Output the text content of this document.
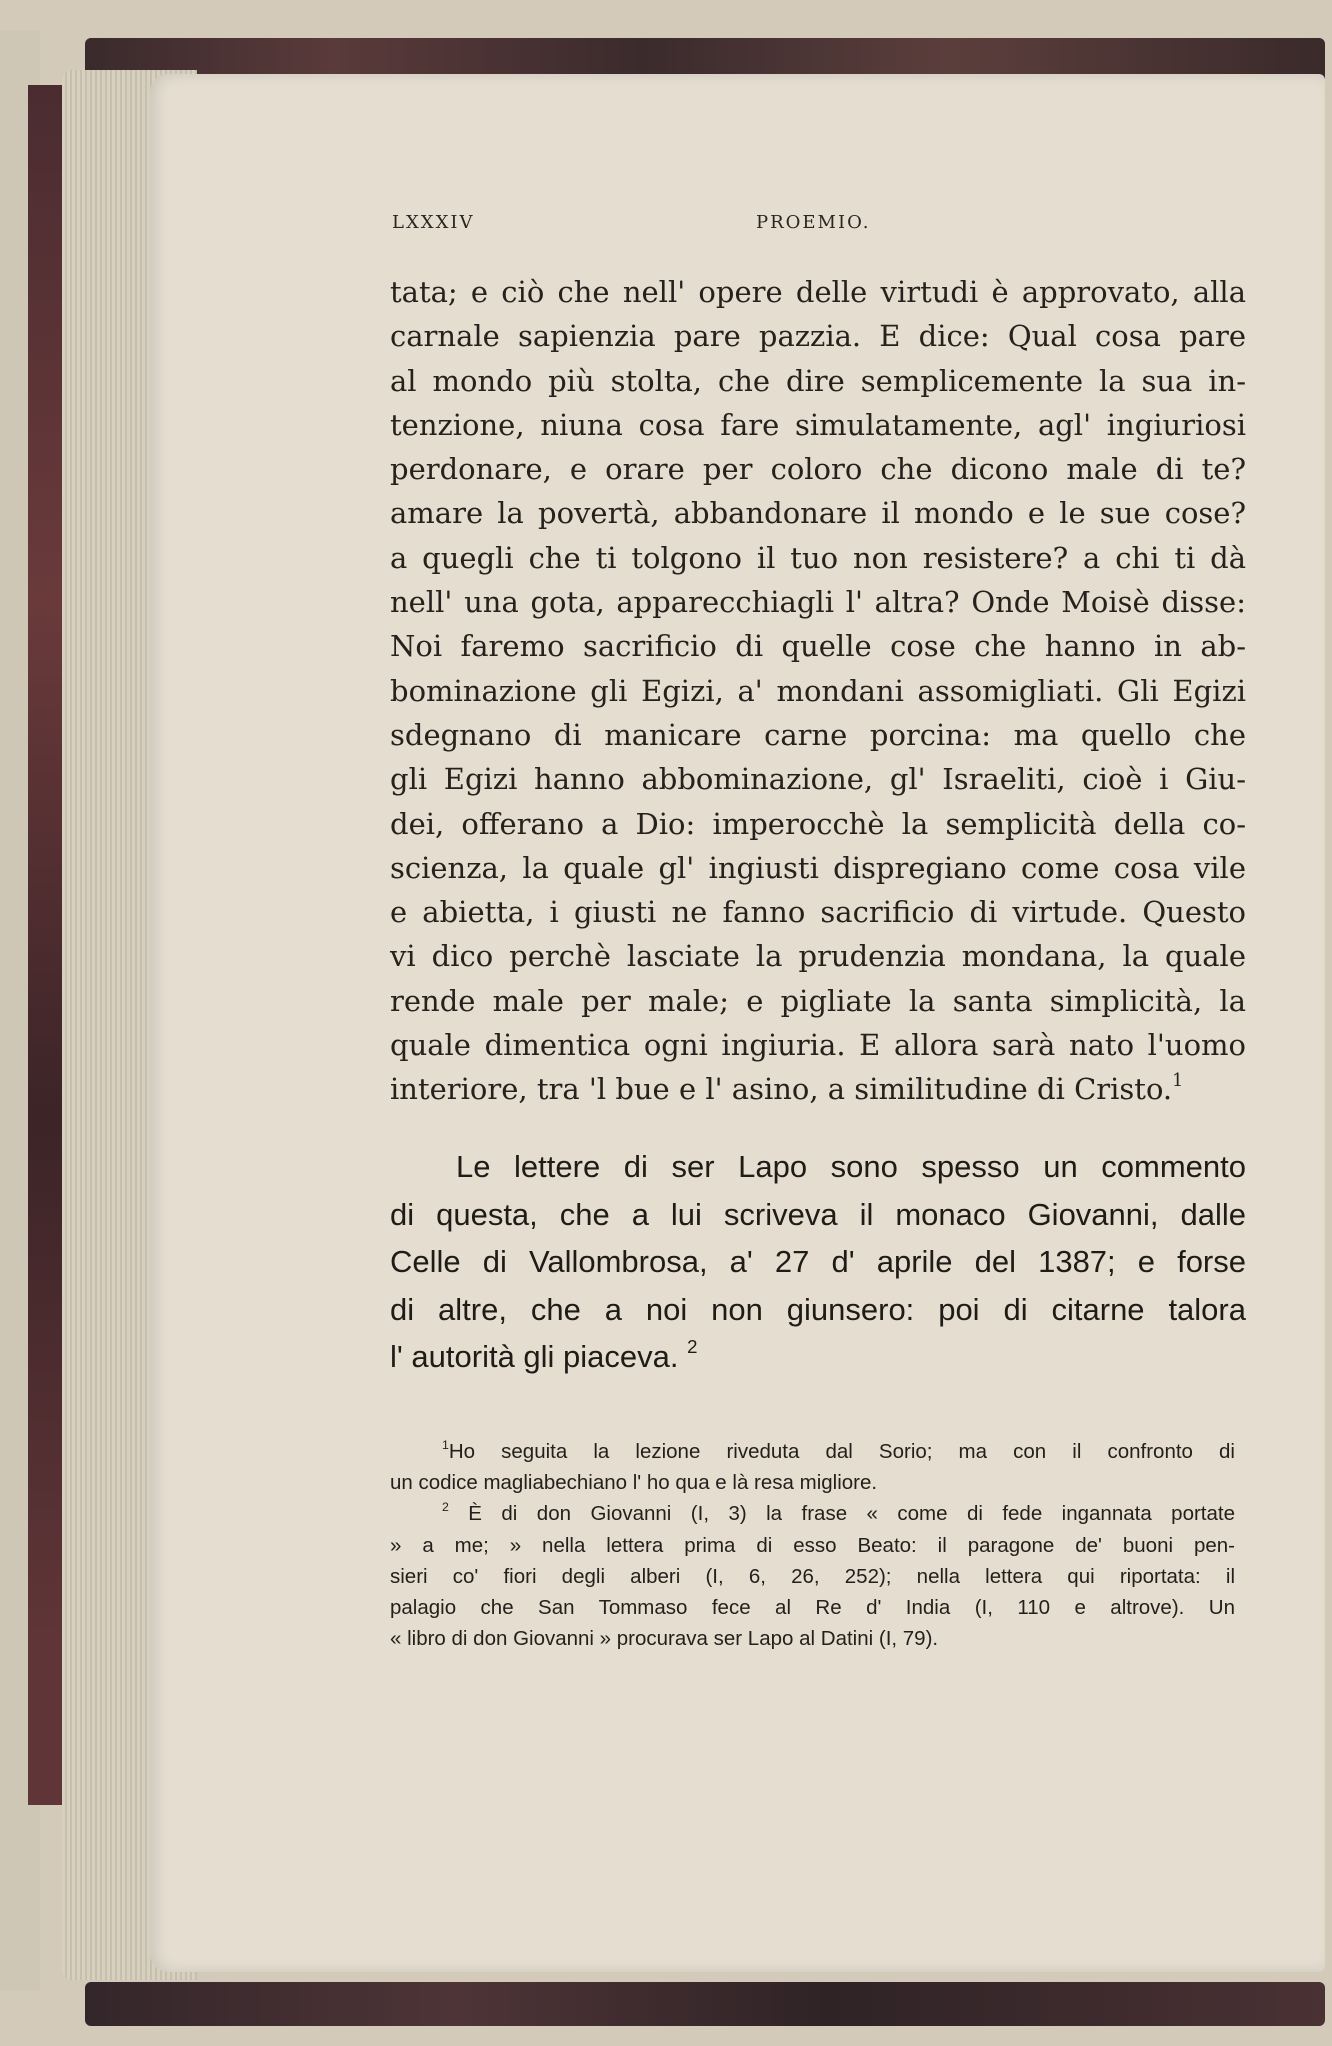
LXXXIV	PROEMIO.
tata; e ciò che nell' opere delle virtudi è approvato, alla
carnale sapienzia pare pazzia. E dice: Qual cosa pare
al mondo più stolta, che dire semplicemente la sua in-
tenzione, niuna cosa fare simulatamente, agl' ingiuriosi
perdonare, e orare per coloro che dicono male di te?
amare la povertà, abbandonare il mondo e le sue cose?
a quegli che ti tolgono il tuo non resistere? a chi ti dà
nell' una gota, apparecchiagli l' altra? Onde Moisè disse:
Noi faremo sacrificio di quelle cose che hanno in ab-
bominazione gli Egizi, a' mondani assomigliati. Gli Egizi
sdegnano di manicare carne porcina: ma quello che
gli Egizi hanno abbominazione, gl' Israeliti, cioè i Giu-
dei, offerano a Dio: imperocchè la semplicità della co-
scienza, la quale gl' ingiusti dispregiano come cosa vile
e abietta, i giusti ne fanno sacrificio di virtude. Questo
vi dico perchè lasciate la prudenzia mondana, la quale
rende male per male; e pigliate la santa simplicità, la
quale dimentica ogni ingiuria. E allora sarà nato l'uomo
interiore, tra 'l bue e l' asino, a similitudine di Cristo.$^1$
Le lettere di ser Lapo sono spesso un commento
di questa, che a lui scriveva il monaco Giovanni, dalle
Celle di Vallombrosa, a' 27 d' aprile del 1387; e forse
di altre, che a noi non giunsero: poi di citarne talora
l' autorità gli piaceva. $^2$
$^1$Ho seguita la lezione riveduta dal Sorio; ma con il confronto di
un codice magliabechiano l' ho qua e là resa migliore.
$^2$ È di don Giovanni (I, 3) la frase « come di fede ingannata portate
» a me; » nella lettera prima di esso Beato: il paragone de' buoni pen-
sieri co' fiori degli alberi (I, 6, 26, 252); nella lettera qui riportata: il
palagio che San Tommaso fece al Re d' India (I, 110 e altrove). Un
« libro di don Giovanni » procurava ser Lapo al Datini (I, 79).
